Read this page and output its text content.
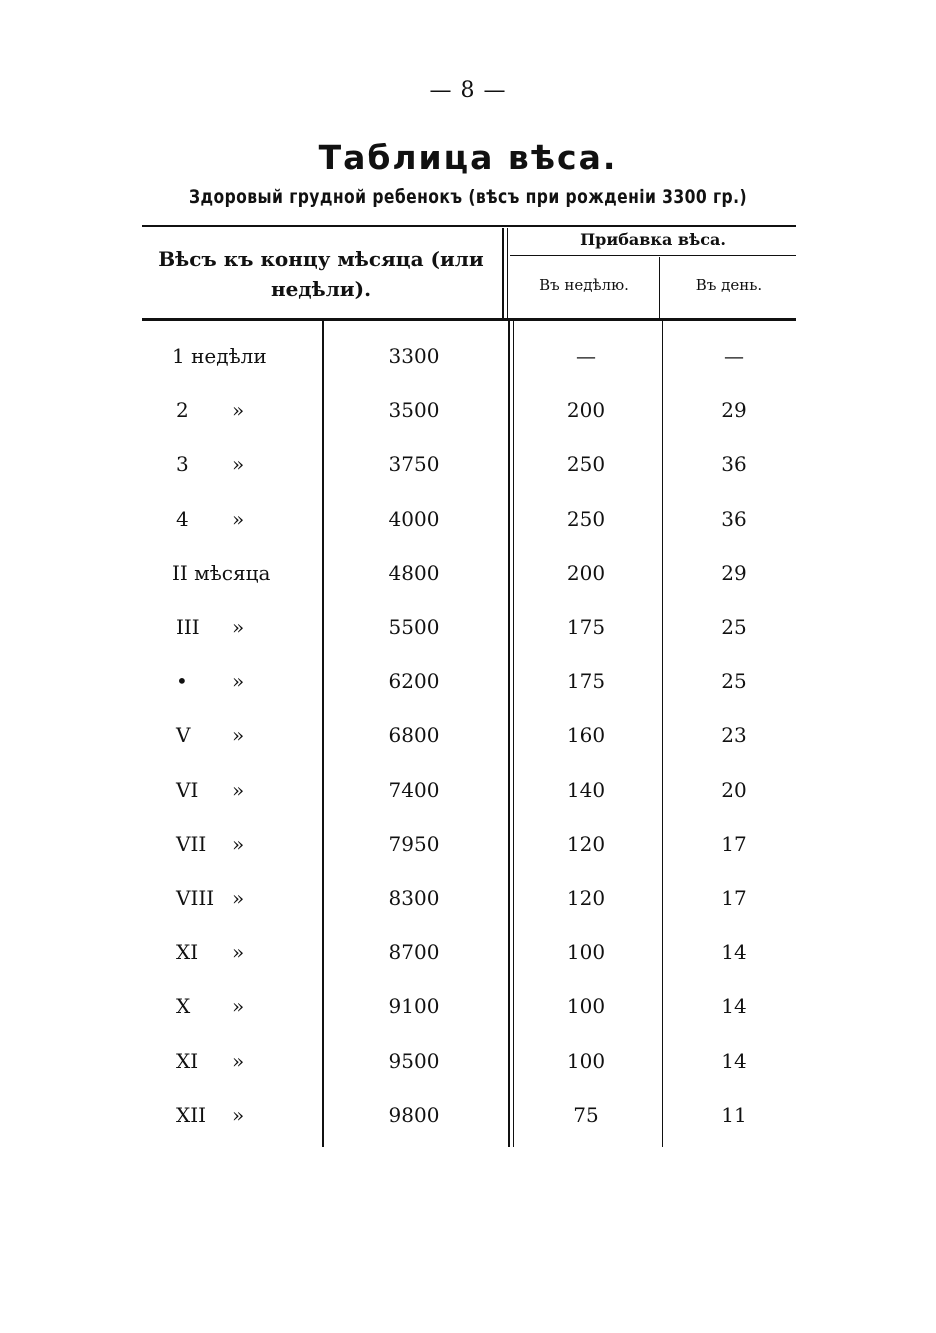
— 8 —
Таблица вѣса.
Здоровый грудной ребенокъ (вѣсъ при рожденіи 3300 гр.)
Вѣсъ къ концу мѣсяца (или недѣли).
Прибавка вѣса.
Въ недѣлю.	Въ день.
1 недѣли	3300	—	—
2 »	3500	200	29
3 »	3750	250	36
4 »	4000	250	36
II мѣсяца	4800	200	29
III »	5500	175	25
• »	6200	175	25
V »	6800	160	23
VI »	7400	140	20
VII »	7950	120	17
VIII »	8300	120	17
XI »	8700	100	14
X »	9100	100	14
XI »	9500	100	14
XII »	9800	75	11
